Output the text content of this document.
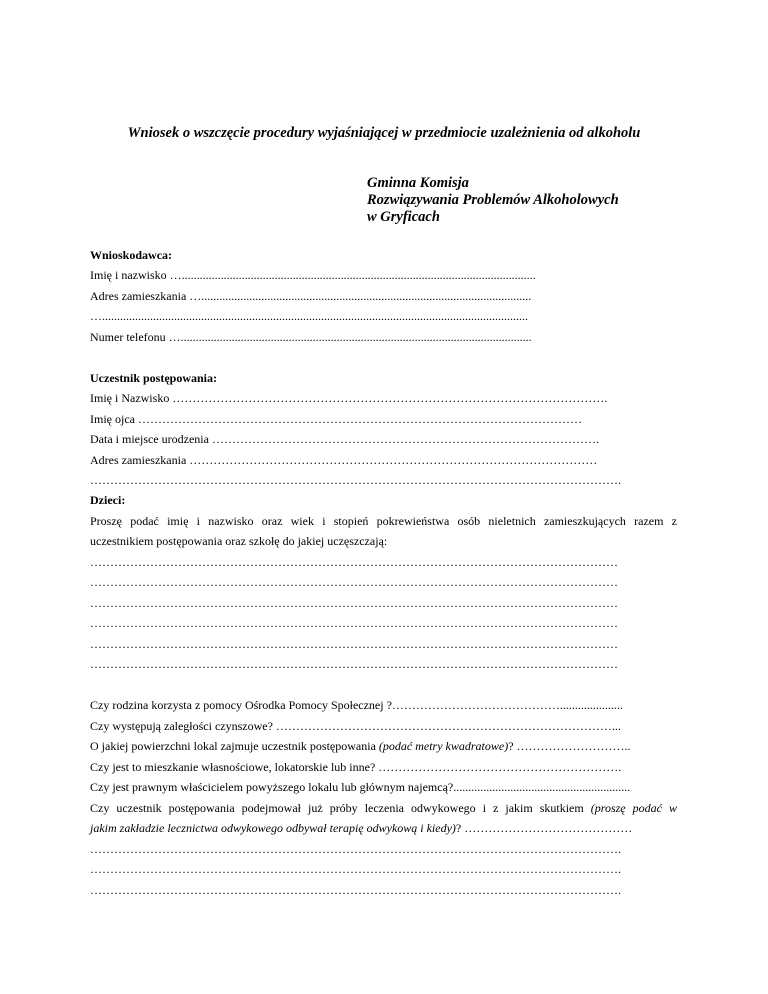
Wniosek o wszczęcie procedury wyjaśniającej w przedmiocie uzależnienia od alkoholu
Gminna Komisja
Rozwiązywania Problemów Alkoholowych
w Gryficach
Wnioskodawca:
Imię i nazwisko …......................................................................................................................
Adres zamieszkania …..............................................................................................................
…..............................................................................................................................................
Numer telefonu ….....................................................................................................................
Uczestnik postępowania:
Imię i Nazwisko ……………………………………………………………………………………………….
Imię ojca …………………………………………………………………………………………………
Data i miejsce urodzenia …………………………………………………………………………………….
Adres zamieszkania …………………………………………………………………………………………
…………………………………………………………………………………………………………………….
Dzieci:
Proszę podać imię i nazwisko oraz wiek i stopień pokrewieństwa osób nieletnich zamieszkujących razem z
uczestnikiem postępowania oraz szkołę do jakiej uczęszczają:
……………………………………………………………………………………………………………………
……………………………………………………………………………………………………………………
……………………………………………………………………………………………………………………
……………………………………………………………………………………………………………………
……………………………………………………………………………………………………………………
……………………………………………………………………………………………………………………
Czy rodzina korzysta z pomocy Ośrodka Pomocy Społecznej ?…………………………………….....................
Czy występują zaległości czynszowe? …………………………………………………………………………...
O jakiej powierzchni lokal zajmuje uczestnik postępowania (podać metry kwadratowe)? ………………………..
Czy jest to mieszkanie własnościowe, lokatorskie lub inne? …………………………………………………….
Czy jest prawnym właścicielem powyższego lokalu lub głównym najemcą?...........................................................
Czy uczestnik postępowania podejmował już próby leczenia odwykowego i z jakim skutkiem (proszę podać w
jakim zakładzie lecznictwa odwykowego odbywał terapię odwykową i kiedy)? ……………………………………
…………………………………………………………………………………………………………………….
…………………………………………………………………………………………………………………….
…………………………………………………………………………………………………………………….
